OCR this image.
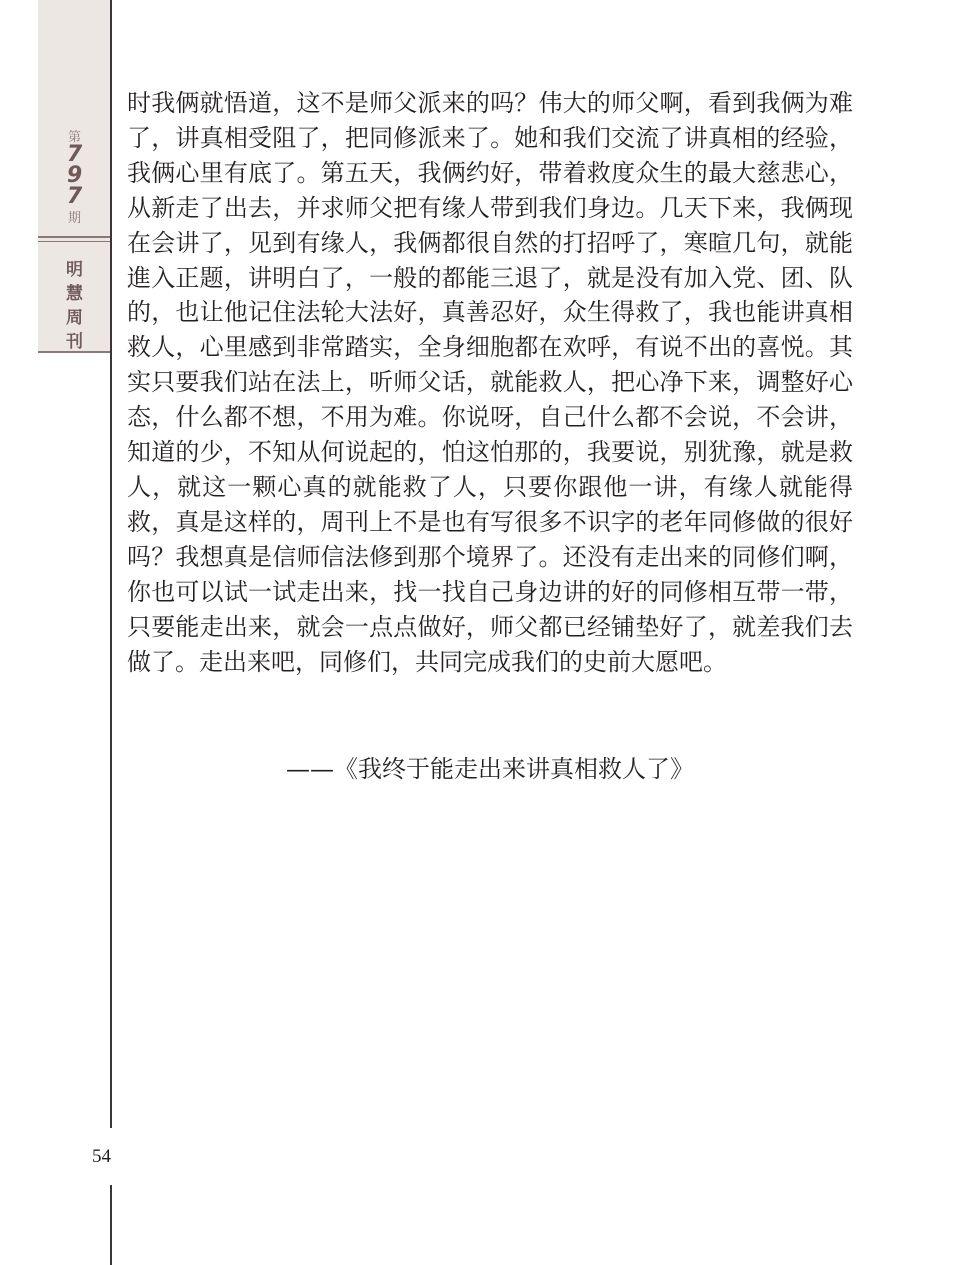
第
7
9
7
期
明
慧
周
刊

时我俩就悟道，这不是师父派来的吗？伟大的师父啊，看到我俩为难了，讲真相受阻了，把同修派来了。她和我们交流了讲真相的经验，我俩心里有底了。第五天，我俩约好，带着救度众生的最大慈悲心，从新走了出去，并求师父把有缘人带到我们身边。几天下来，我俩现在会讲了，见到有缘人，我俩都很自然的打招呼了，寒暄几句，就能進入正题，讲明白了，一般的都能三退了，就是没有加入党、团、队的，也让他记住法轮大法好，真善忍好，众生得救了，我也能讲真相救人，心里感到非常踏实，全身细胞都在欢呼，有说不出的喜悦。其实只要我们站在法上，听师父话，就能救人，把心净下来，调整好心态，什么都不想，不用为难。你说呀，自己什么都不会说，不会讲，知道的少，不知从何说起的，怕这怕那的，我要说，别犹豫，就是救人，就这一颗心真的就能救了人，只要你跟他一讲，有缘人就能得救，真是这样的，周刊上不是也有写很多不识字的老年同修做的很好吗？我想真是信师信法修到那个境界了。还没有走出来的同修们啊，你也可以试一试走出来，找一找自己身边讲的好的同修相互带一带，只要能走出来，就会一点点做好，师父都已经铺垫好了，就差我们去做了。走出来吧，同修们，共同完成我们的史前大愿吧。

——《我终于能走出来讲真相救人了》
54
